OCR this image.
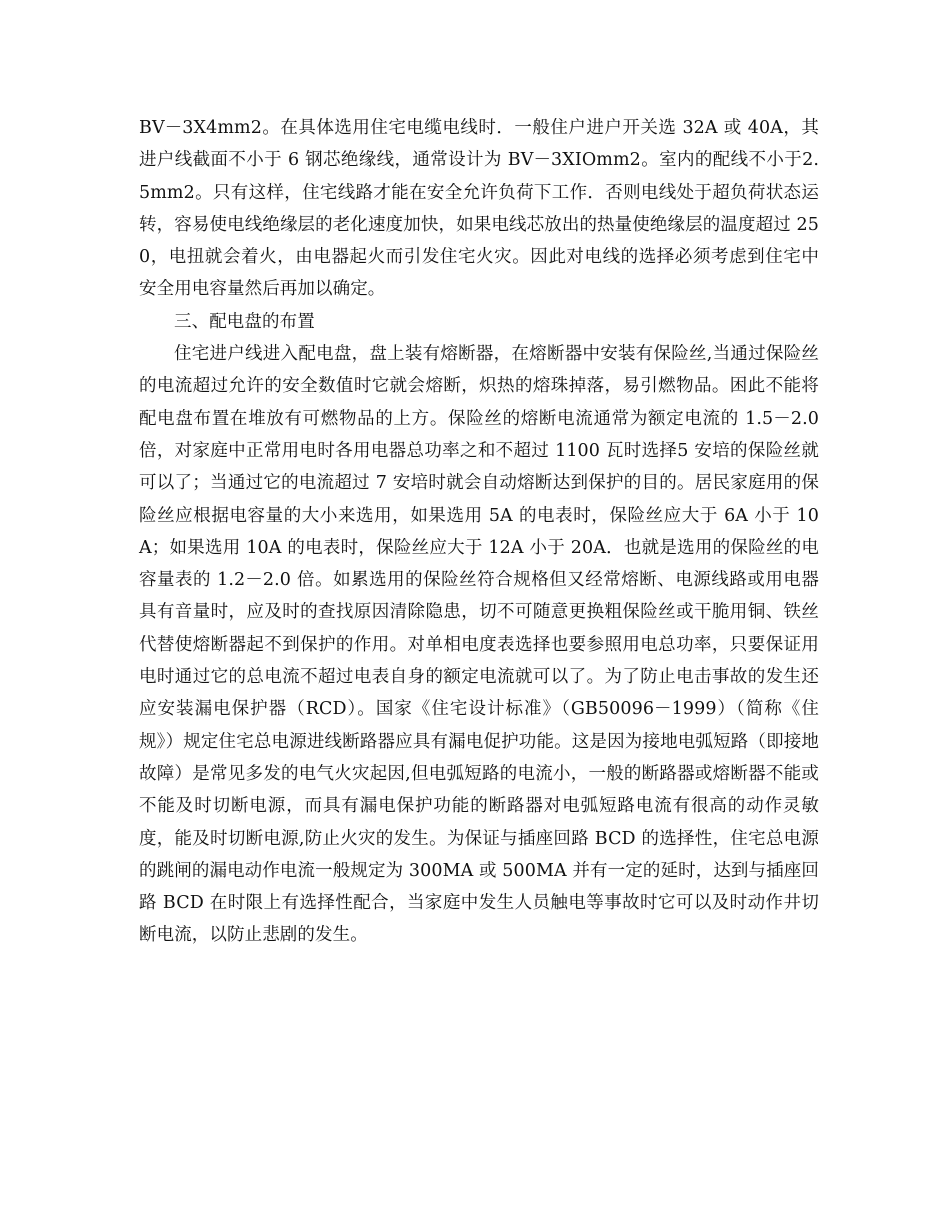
BV－3X4mm2。在具体选用住宅电缆电线时．一般住户进户开关选 32A 或 40A，其进户线截面不小于 6 钢芯绝缘线，通常设计为 BV－3XIOmm2。室内的配线不小于2.5mm2。只有这样，住宅线路才能在安全允许负荷下工作．否则电线处于超负荷状态运转，容易使电线绝缘层的老化速度加快，如果电线芯放出的热量使绝缘层的温度超过 250，电扭就会着火，由电器起火而引发住宅火灾。因此对电线的选择必须考虑到住宅中安全用电容量然后再加以确定。

三、配电盘的布置

住宅进户线进入配电盘，盘上装有熔断器，在熔断器中安装有保险丝,当通过保险丝的电流超过允许的安全数值时它就会熔断，炽热的熔珠掉落，易引燃物品。困此不能将配电盘布置在堆放有可燃物品的上方。保险丝的熔断电流通常为额定电流的 1.5－2.0 倍，对家庭中正常用电时各用电器总功率之和不超过 1100 瓦时选择5 安培的保险丝就可以了；当通过它的电流超过 7 安培时就会自动熔断达到保护的目的。居民家庭用的保险丝应根据电容量的大小来选用，如果选用 5A 的电表时，保险丝应大于 6A 小于 10A；如果选用 10A 的电表时，保险丝应大于 12A 小于 20A．也就是选用的保险丝的电容量表的 1.2－2.0 倍。如累选用的保险丝符合规格但又经常熔断、电源线路或用电器具有音量时，应及时的查找原因清除隐患，切不可随意更换粗保险丝或干脆用铜、铁丝代替使熔断器起不到保护的作用。对单相电度表选择也要参照用电总功率，只要保证用电时通过它的总电流不超过电表自身的额定电流就可以了。为了防止电击事故的发生还应安装漏电保护器（RCD）。国家《住宅设计标准》（GB50096－1999）（简称《住规》）规定住宅总电源进线断路器应具有漏电促护功能。这是因为接地电弧短路（即接地故障）是常见多发的电气火灾起因,但电弧短路的电流小，一般的断路器或熔断器不能或不能及时切断电源，而具有漏电保护功能的断路器对电弧短路电流有很高的动作灵敏度，能及时切断电源,防止火灾的发生。为保证与插座回路 BCD 的选择性，住宅总电源的跳闸的漏电动作电流一般规定为 300MA 或 500MA 并有一定的延时，达到与插座回路 BCD 在时限上有选择性配合，当家庭中发生人员触电等事故时它可以及时动作井切断电流，以防止悲剧的发生。
